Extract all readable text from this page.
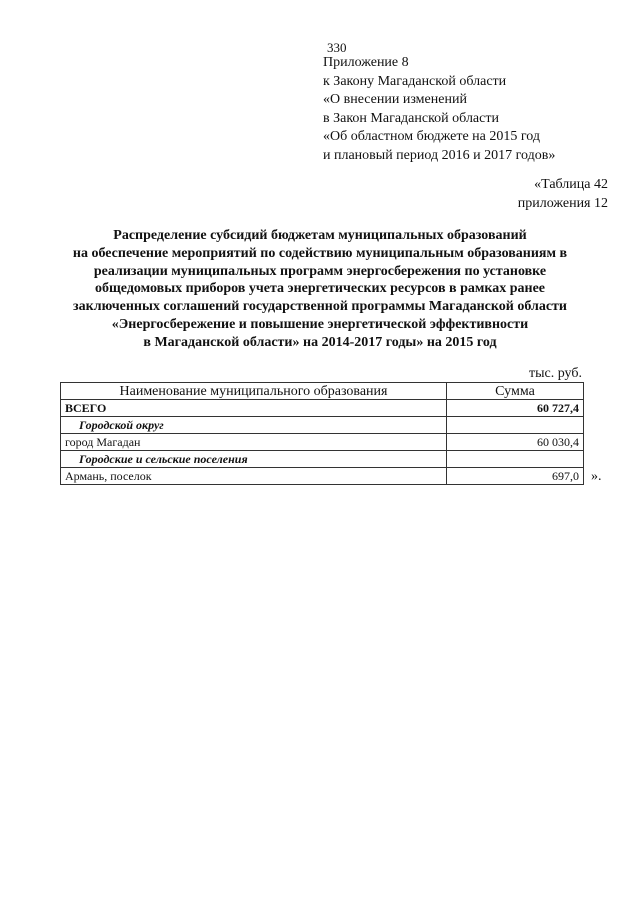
330
Приложение 8
к Закону Магаданской области
«О внесении изменений
в Закон Магаданской области
«Об областном бюджете на 2015 год
и плановый период 2016 и 2017 годов»
«Таблица 42
приложения 12
Распределение субсидий бюджетам муниципальных образований
на обеспечение мероприятий по содействию муниципальным образованиям в
реализации муниципальных программ энергосбережения по установке
общедомовых приборов учета энергетических ресурсов в рамках ранее
заключенных соглашений государственной программы Магаданской области
«Энергосбережение и повышение энергетической эффективности
в Магаданской области» на 2014-2017 годы» на 2015 год
тыс. руб.
Наименование муниципального образования	Сумма
ВСЕГО	60 727,4
Городской округ	
город Магадан	60 030,4
Городские и сельские поселения	
Армань, поселок	697,0 ».
